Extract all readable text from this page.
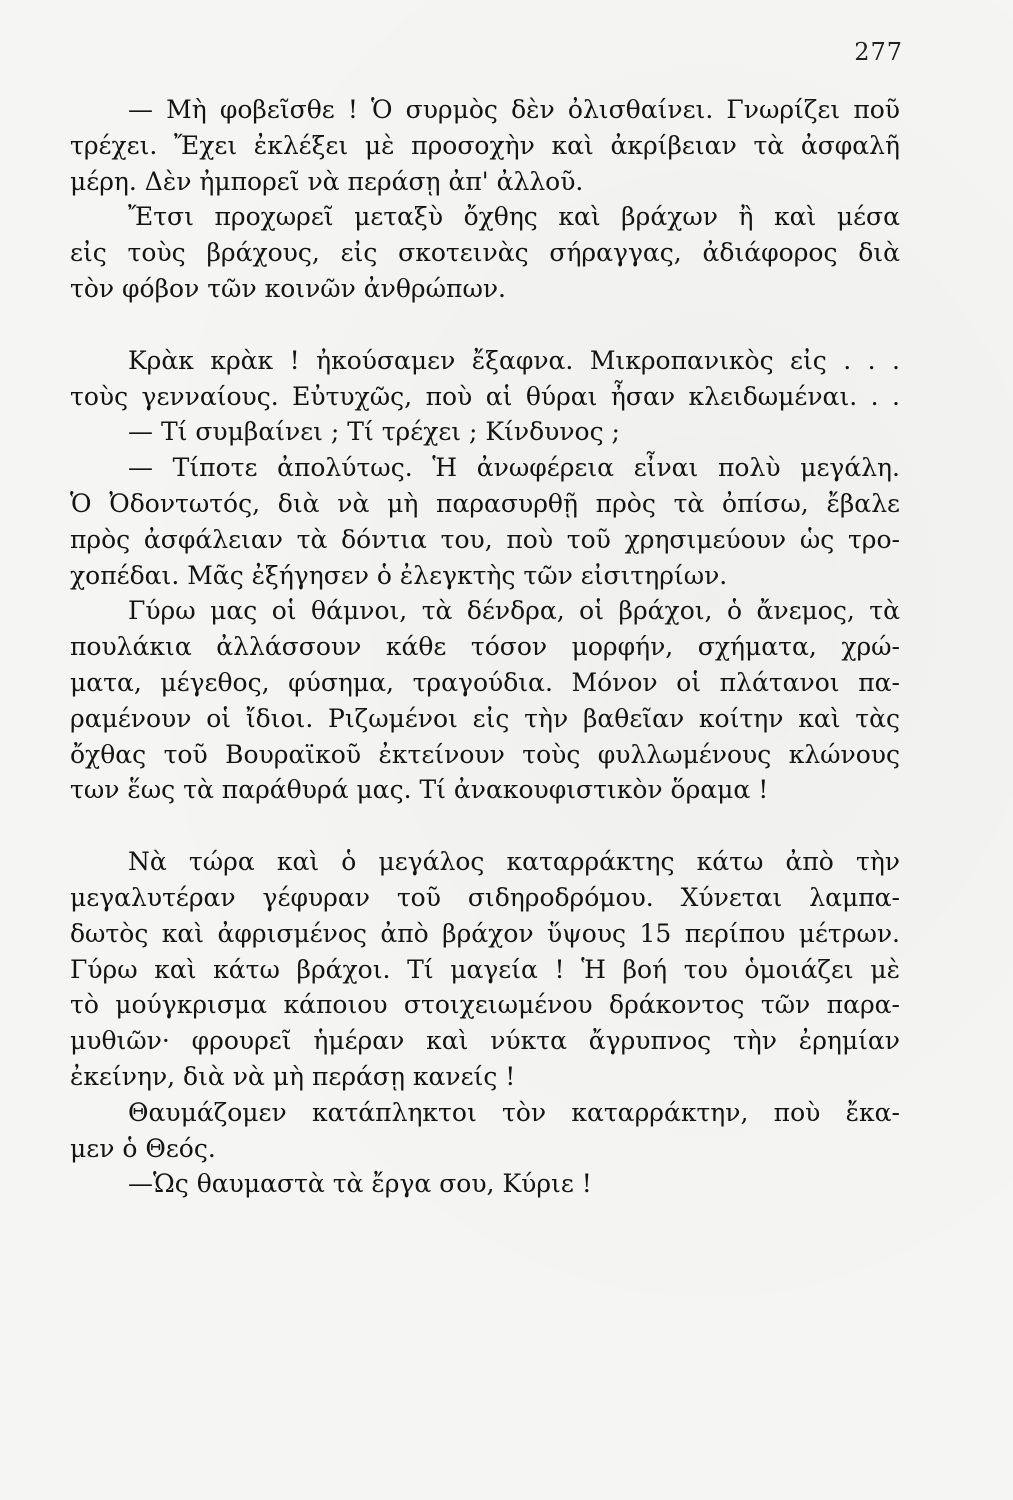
277
— Μὴ φοβεῖσθε ! Ὁ συρμὸς δὲν ὀλισθαίνει. Γνωρίζει ποῦ
τρέχει. Ἔχει ἐκλέξει μὲ προσοχὴν καὶ ἀκρίβειαν τὰ ἀσφαλῆ
μέρη. Δὲν ἠμπορεῖ νὰ περάσῃ ἀπ' ἀλλοῦ.
Ἔτσι προχωρεῖ μεταξὺ ὄχθης καὶ βράχων ἢ καὶ μέσα
εἰς τοὺς βράχους, εἰς σκοτεινὰς σήραγγας, ἀδιάφορος διὰ
τὸν φόβον τῶν κοινῶν ἀνθρώπων.
Κρὰκ κρὰκ ! ἠκούσαμεν ἔξαφνα. Μικροπανικὸς εἰς . . .
τοὺς γενναίους. Εὐτυχῶς, ποὺ αἱ θύραι ἦσαν κλειδωμέναι. . .
— Τί συμβαίνει ; Τί τρέχει ; Κίνδυνος ;
— Τίποτε ἀπολύτως. Ἡ ἀνωφέρεια εἶναι πολὺ μεγάλη.
Ὁ Ὀδοντωτός, διὰ νὰ μὴ παρασυρθῇ πρὸς τὰ ὀπίσω, ἔβαλε
πρὸς ἀσφάλειαν τὰ δόντια του, ποὺ τοῦ χρησιμεύουν ὡς τρο-
χοπέδαι. Μᾶς ἐξήγησεν ὁ ἐλεγκτὴς τῶν εἰσιτηρίων.
Γύρω μας οἱ θάμνοι, τὰ δένδρα, οἱ βράχοι, ὁ ἄνεμος, τὰ
πουλάκια ἀλλάσσουν κάθε τόσον μορφήν, σχήματα, χρώ-
ματα, μέγεθος, φύσημα, τραγούδια. Μόνον οἱ πλάτανοι πα-
ραμένουν οἱ ἴδιοι. Ριζωμένοι εἰς τὴν βαθεῖαν κοίτην καὶ τὰς
ὄχθας τοῦ Βουραϊκοῦ ἐκτείνουν τοὺς φυλλωμένους κλώνους
των ἕως τὰ παράθυρά μας. Τί ἀνακουφιστικὸν ὅραμα !
Νὰ τώρα καὶ ὁ μεγάλος καταρράκτης κάτω ἀπὸ τὴν
μεγαλυτέραν γέφυραν τοῦ σιδηροδρόμου. Χύνεται λαμπα-
δωτὸς καὶ ἀφρισμένος ἀπὸ βράχον ὕψους 15 περίπου μέτρων.
Γύρω καὶ κάτω βράχοι. Τί μαγεία ! Ἡ βοή του ὁμοιάζει μὲ
τὸ μούγκρισμα κάποιου στοιχειωμένου δράκοντος τῶν παρα-
μυθιῶν· φρουρεῖ ἡμέραν καὶ νύκτα ἄγρυπνος τὴν ἐρημίαν
ἐκείνην, διὰ νὰ μὴ περάσῃ κανείς !
Θαυμάζομεν κατάπληκτοι τὸν καταρράκτην, ποὺ ἔκα-
μεν ὁ Θεός.
—Ὡς θαυμαστὰ τὰ ἔργα σου, Κύριε !
